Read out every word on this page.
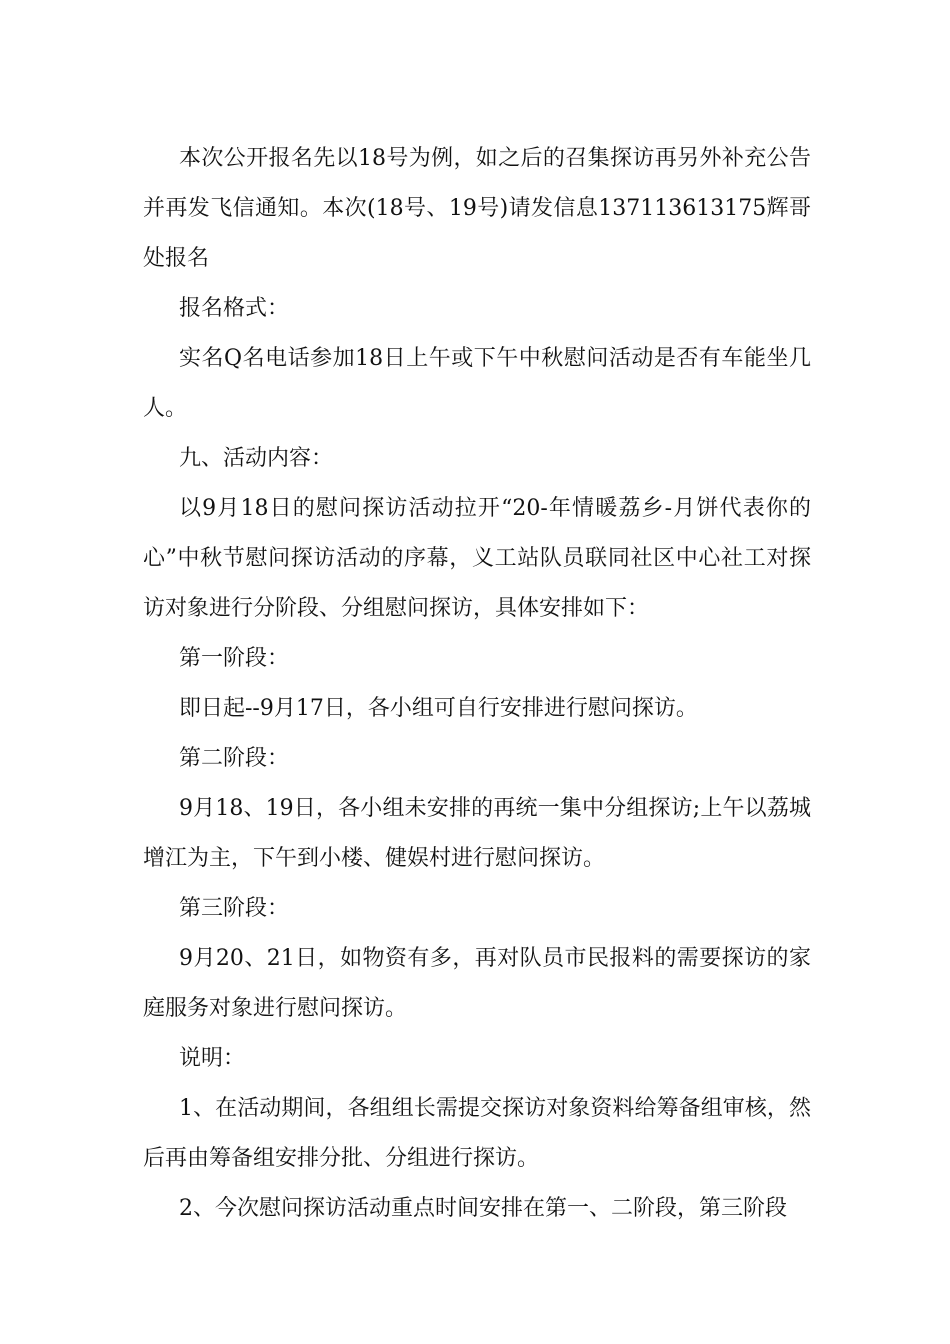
本次公开报名先以18号为例，如之后的召集探访再另外补充公告并再发飞信通知。本次(18号、19号)请发信息137113613175辉哥处报名

报名格式：

实名Q名电话参加18日上午或下午中秋慰问活动是否有车能坐几人。

九、活动内容：

以9月18日的慰问探访活动拉开“20-年情暖荔乡-月饼代表你的心”中秋节慰问探访活动的序幕，义工站队员联同社区中心社工对探访对象进行分阶段、分组慰问探访，具体安排如下：

第一阶段：

即日起--9月17日，各小组可自行安排进行慰问探访。

第二阶段：

9月18、19日，各小组未安排的再统一集中分组探访;上午以荔城增江为主，下午到小楼、健娱村进行慰问探访。

第三阶段：

9月20、21日，如物资有多，再对队员市民报料的需要探访的家庭服务对象进行慰问探访。

说明：

1、在活动期间，各组组长需提交探访对象资料给筹备组审核，然后再由筹备组安排分批、分组进行探访。

2、今次慰问探访活动重点时间安排在第一、二阶段，第三阶段
